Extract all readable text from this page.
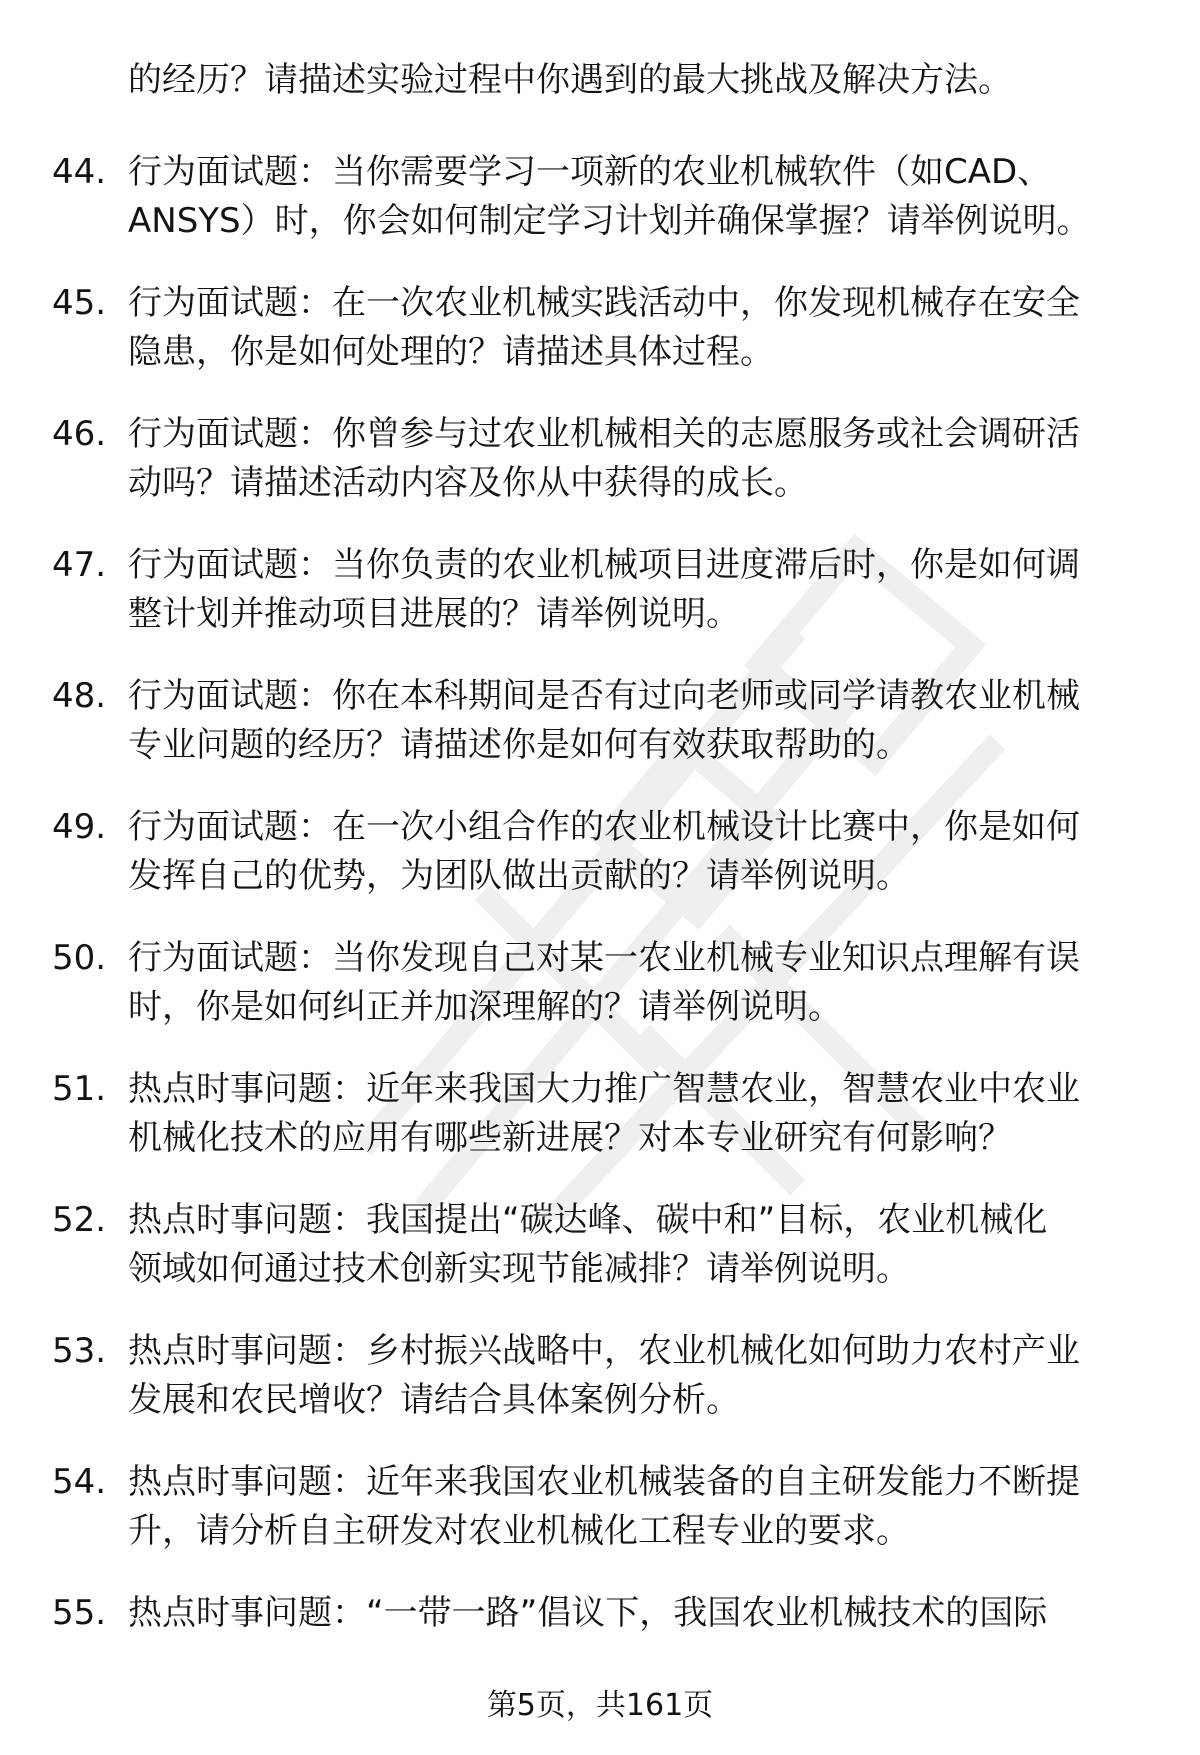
的经历？请描述实验过程中你遇到的最大挑战及解决方法。
44. 行为面试题：当你需要学习一项新的农业机械软件（如CAD、
ANSYS）时，你会如何制定学习计划并确保掌握？请举例说明。
45. 行为面试题：在一次农业机械实践活动中，你发现机械存在安全
隐患，你是如何处理的？请描述具体过程。
46. 行为面试题：你曾参与过农业机械相关的志愿服务或社会调研活
动吗？请描述活动内容及你从中获得的成长。
47. 行为面试题：当你负责的农业机械项目进度滞后时，你是如何调
整计划并推动项目进展的？请举例说明。
48. 行为面试题：你在本科期间是否有过向老师或同学请教农业机械
专业问题的经历？请描述你是如何有效获取帮助的。
49. 行为面试题：在一次小组合作的农业机械设计比赛中，你是如何
发挥自己的优势，为团队做出贡献的？请举例说明。
50. 行为面试题：当你发现自己对某一农业机械专业知识点理解有误
时，你是如何纠正并加深理解的？请举例说明。
51. 热点时事问题：近年来我国大力推广智慧农业，智慧农业中农业
机械化技术的应用有哪些新进展？对本专业研究有何影响？
52. 热点时事问题：我国提出“碳达峰、碳中和”目标，农业机械化
领域如何通过技术创新实现节能减排？请举例说明。
53. 热点时事问题：乡村振兴战略中，农业机械化如何助力农村产业
发展和农民增收？请结合具体案例分析。
54. 热点时事问题：近年来我国农业机械装备的自主研发能力不断提
升，请分析自主研发对农业机械化工程专业的要求。
55. 热点时事问题：“一带一路”倡议下，我国农业机械技术的国际
第5页，共161页
